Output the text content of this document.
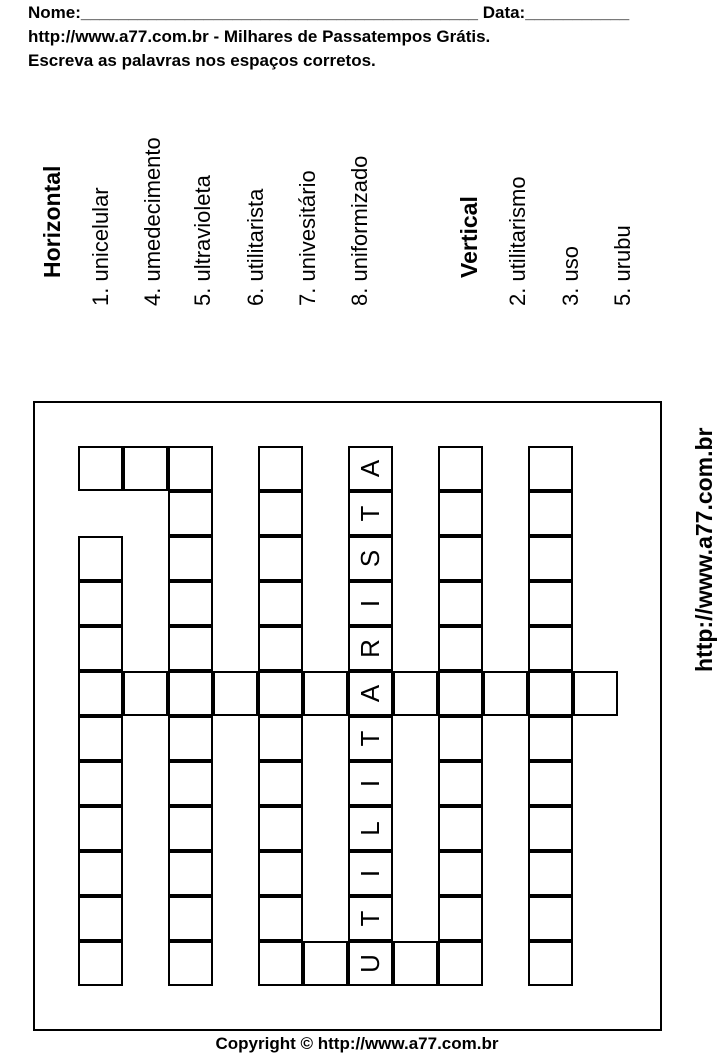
Nome:__________________________________________ Data:___________
http://www.a77.com.br - Milhares de Passatempos Grátis.
Escreva as palavras nos espaços corretos.
Horizontal 1. unicelular 4. umedecimento 5. ultravioleta 6. utilitarista 7. univesitário 8. uniformizado	Vertical 2. utilitarismo 3. uso 5. urubu
U
T
I
L
I
T
A
R
I
S
T
A	http://www.a77.com.br
Copyright © http://www.a77.com.br
